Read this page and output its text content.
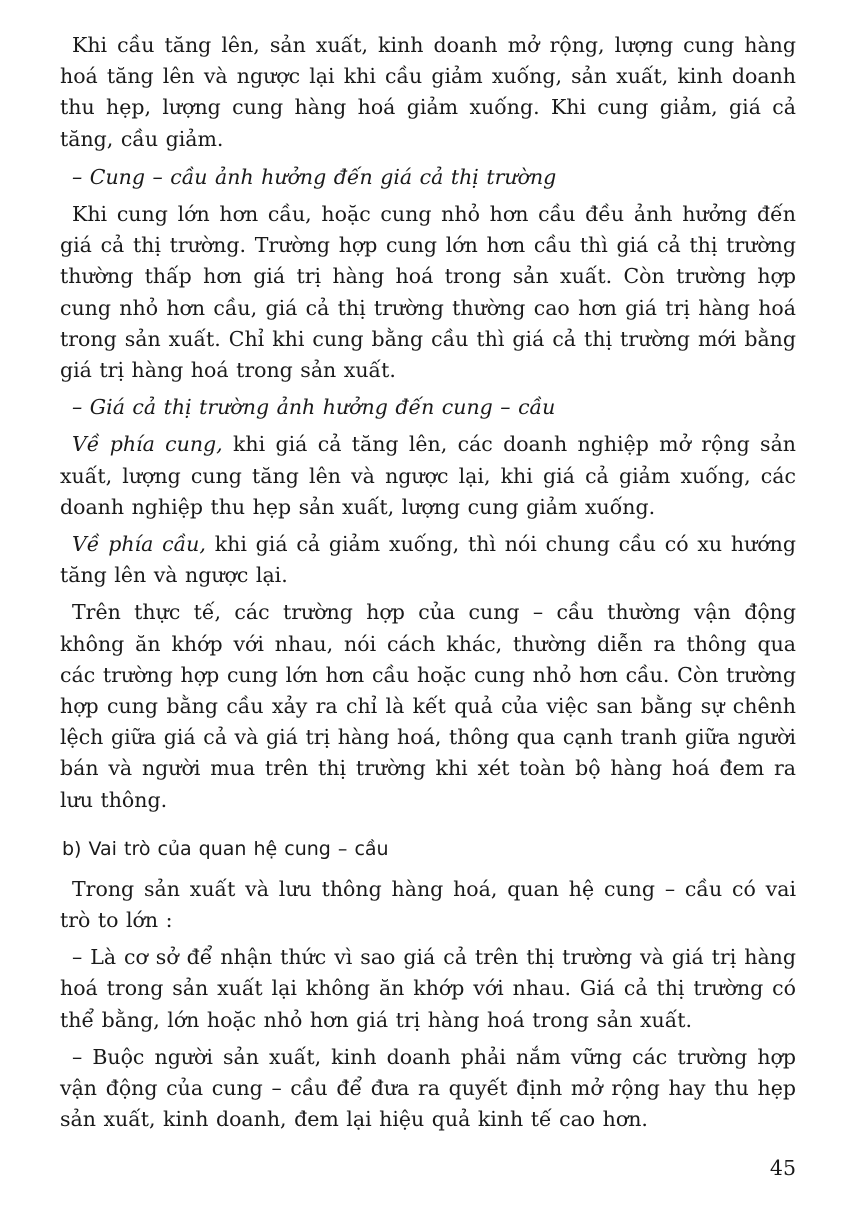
Khi cầu tăng lên, sản xuất, kinh doanh mở rộng, lượng cung hàng hoá tăng lên và ngược lại khi cầu giảm xuống, sản xuất, kinh doanh thu hẹp, lượng cung hàng hoá giảm xuống. Khi cung giảm, giá cả tăng, cầu giảm.

– Cung – cầu ảnh hưởng đến giá cả thị trường

Khi cung lớn hơn cầu, hoặc cung nhỏ hơn cầu đều ảnh hưởng đến giá cả thị trường. Trường hợp cung lớn hơn cầu thì giá cả thị trường thường thấp hơn giá trị hàng hoá trong sản xuất. Còn trường hợp cung nhỏ hơn cầu, giá cả thị trường thường cao hơn giá trị hàng hoá trong sản xuất. Chỉ khi cung bằng cầu thì giá cả thị trường mới bằng giá trị hàng hoá trong sản xuất.

– Giá cả thị trường ảnh hưởng đến cung – cầu

Về phía cung, khi giá cả tăng lên, các doanh nghiệp mở rộng sản xuất, lượng cung tăng lên và ngược lại, khi giá cả giảm xuống, các doanh nghiệp thu hẹp sản xuất, lượng cung giảm xuống.

Về phía cầu, khi giá cả giảm xuống, thì nói chung cầu có xu hướng tăng lên và ngược lại.

Trên thực tế, các trường hợp của cung – cầu thường vận động không ăn khớp với nhau, nói cách khác, thường diễn ra thông qua các trường hợp cung lớn hơn cầu hoặc cung nhỏ hơn cầu. Còn trường hợp cung bằng cầu xảy ra chỉ là kết quả của việc san bằng sự chênh lệch giữa giá cả và giá trị hàng hoá, thông qua cạnh tranh giữa người bán và người mua trên thị trường khi xét toàn bộ hàng hoá đem ra lưu thông.

b) Vai trò của quan hệ cung – cầu

Trong sản xuất và lưu thông hàng hoá, quan hệ cung – cầu có vai trò to lớn :

– Là cơ sở để nhận thức vì sao giá cả trên thị trường và giá trị hàng hoá trong sản xuất lại không ăn khớp với nhau. Giá cả thị trường có thể bằng, lớn hoặc nhỏ hơn giá trị hàng hoá trong sản xuất.

– Buộc người sản xuất, kinh doanh phải nắm vững các trường hợp vận động của cung – cầu để đưa ra quyết định mở rộng hay thu hẹp sản xuất, kinh doanh, đem lại hiệu quả kinh tế cao hơn.

45
